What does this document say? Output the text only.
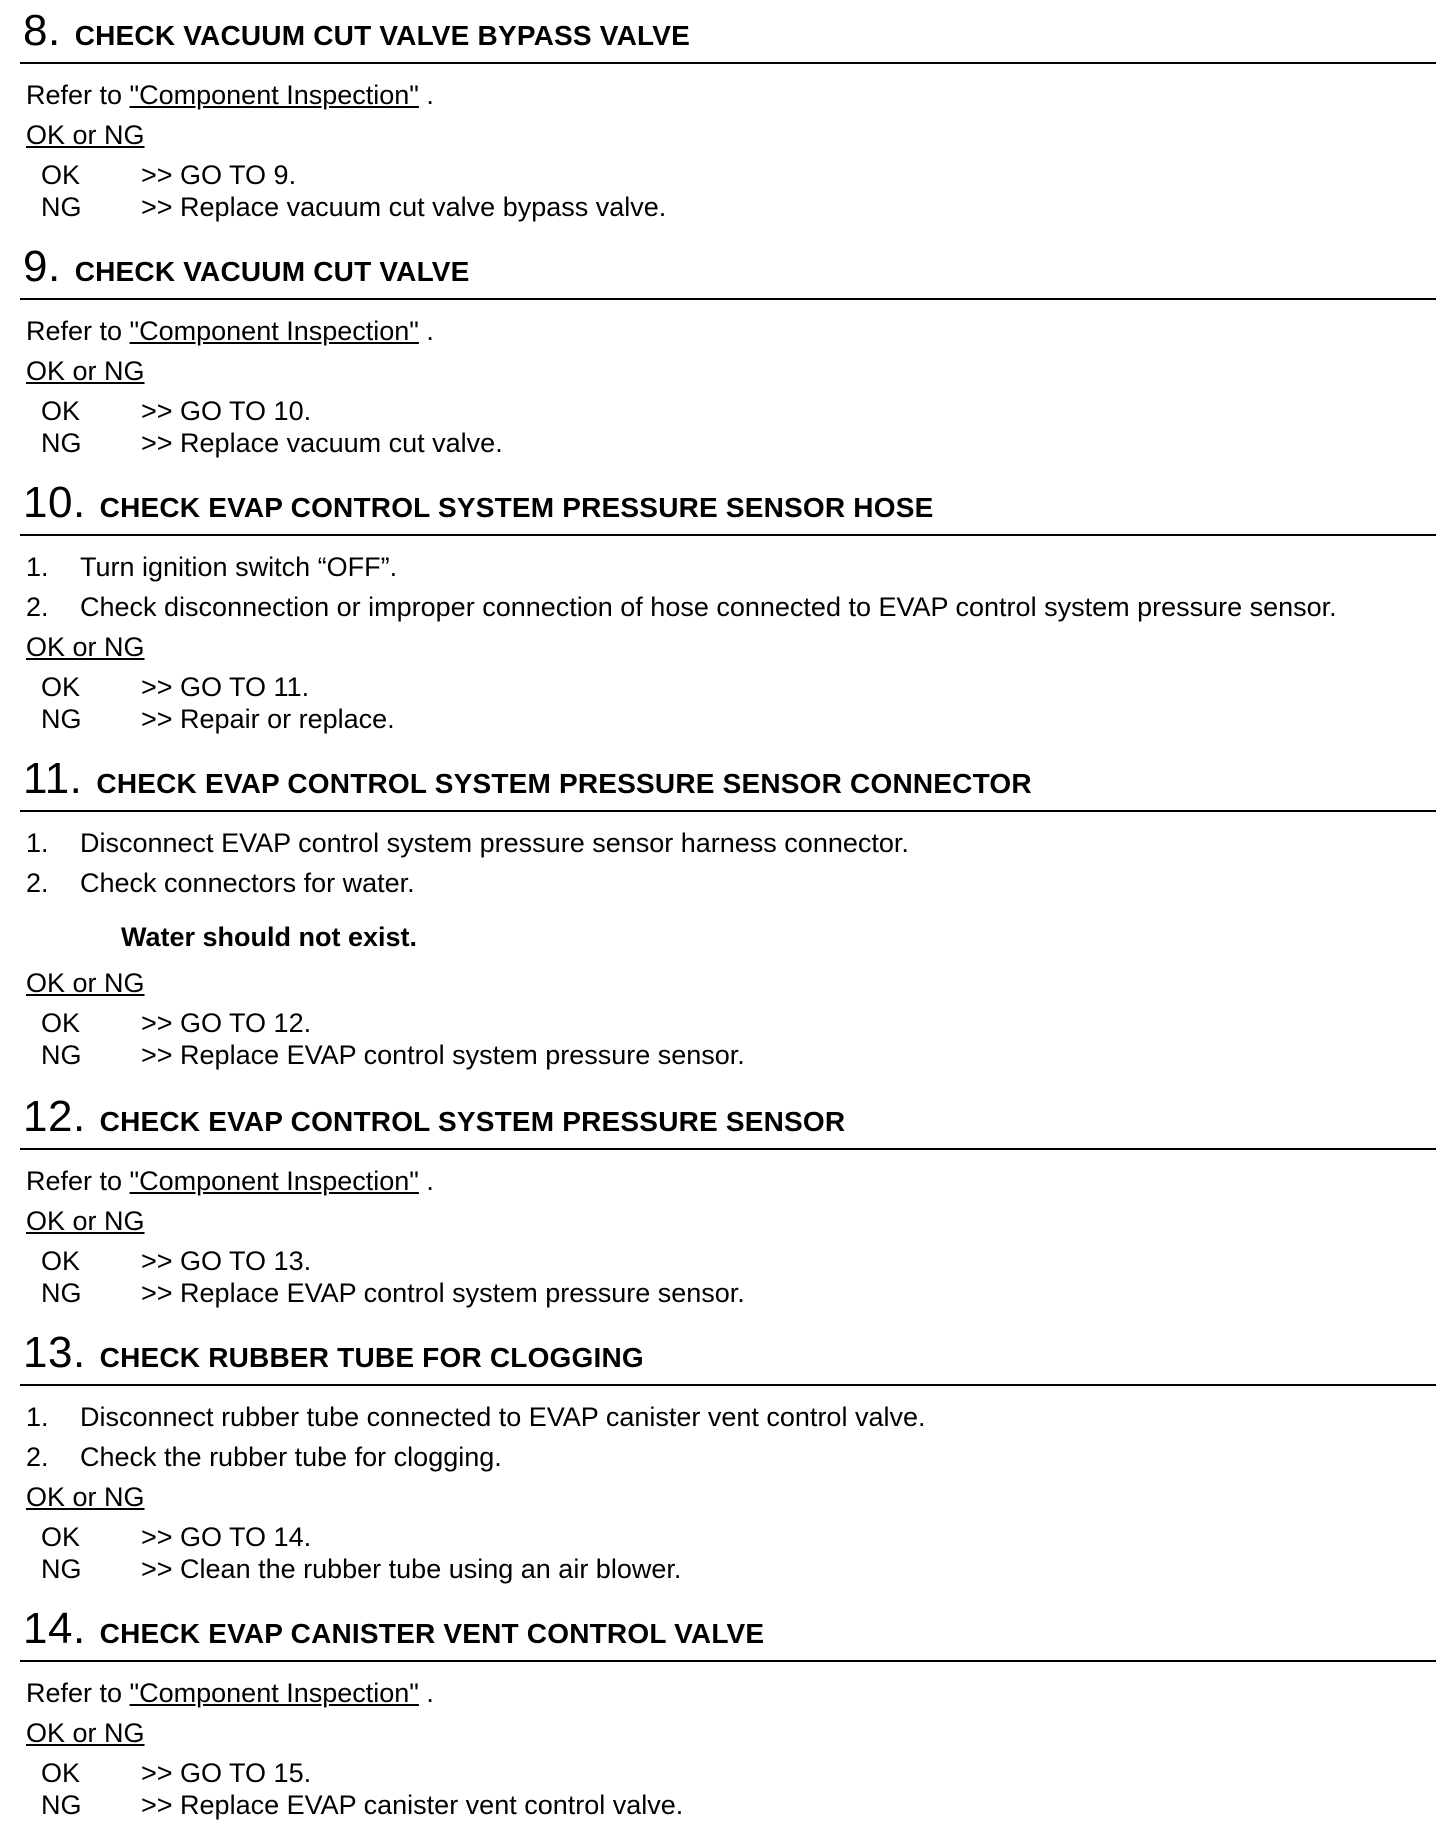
8. CHECK VACUUM CUT VALVE BYPASS VALVE
Refer to "Component Inspection" .
OK or NG
OK >> GO TO 9.
NG >> Replace vacuum cut valve bypass valve.
9. CHECK VACUUM CUT VALVE
Refer to "Component Inspection" .
OK or NG
OK >> GO TO 10.
NG >> Replace vacuum cut valve.
10. CHECK EVAP CONTROL SYSTEM PRESSURE SENSOR HOSE
1. Turn ignition switch “OFF”.
2. Check disconnection or improper connection of hose connected to EVAP control system pressure sensor.
OK or NG
OK >> GO TO 11.
NG >> Repair or replace.
11. CHECK EVAP CONTROL SYSTEM PRESSURE SENSOR CONNECTOR
1. Disconnect EVAP control system pressure sensor harness connector.
2. Check connectors for water.
Water should not exist.
OK or NG
OK >> GO TO 12.
NG >> Replace EVAP control system pressure sensor.
12. CHECK EVAP CONTROL SYSTEM PRESSURE SENSOR
Refer to "Component Inspection" .
OK or NG
OK >> GO TO 13.
NG >> Replace EVAP control system pressure sensor.
13. CHECK RUBBER TUBE FOR CLOGGING
1. Disconnect rubber tube connected to EVAP canister vent control valve.
2. Check the rubber tube for clogging.
OK or NG
OK >> GO TO 14.
NG >> Clean the rubber tube using an air blower.
14. CHECK EVAP CANISTER VENT CONTROL VALVE
Refer to "Component Inspection" .
OK or NG
OK >> GO TO 15.
NG >> Replace EVAP canister vent control valve.
